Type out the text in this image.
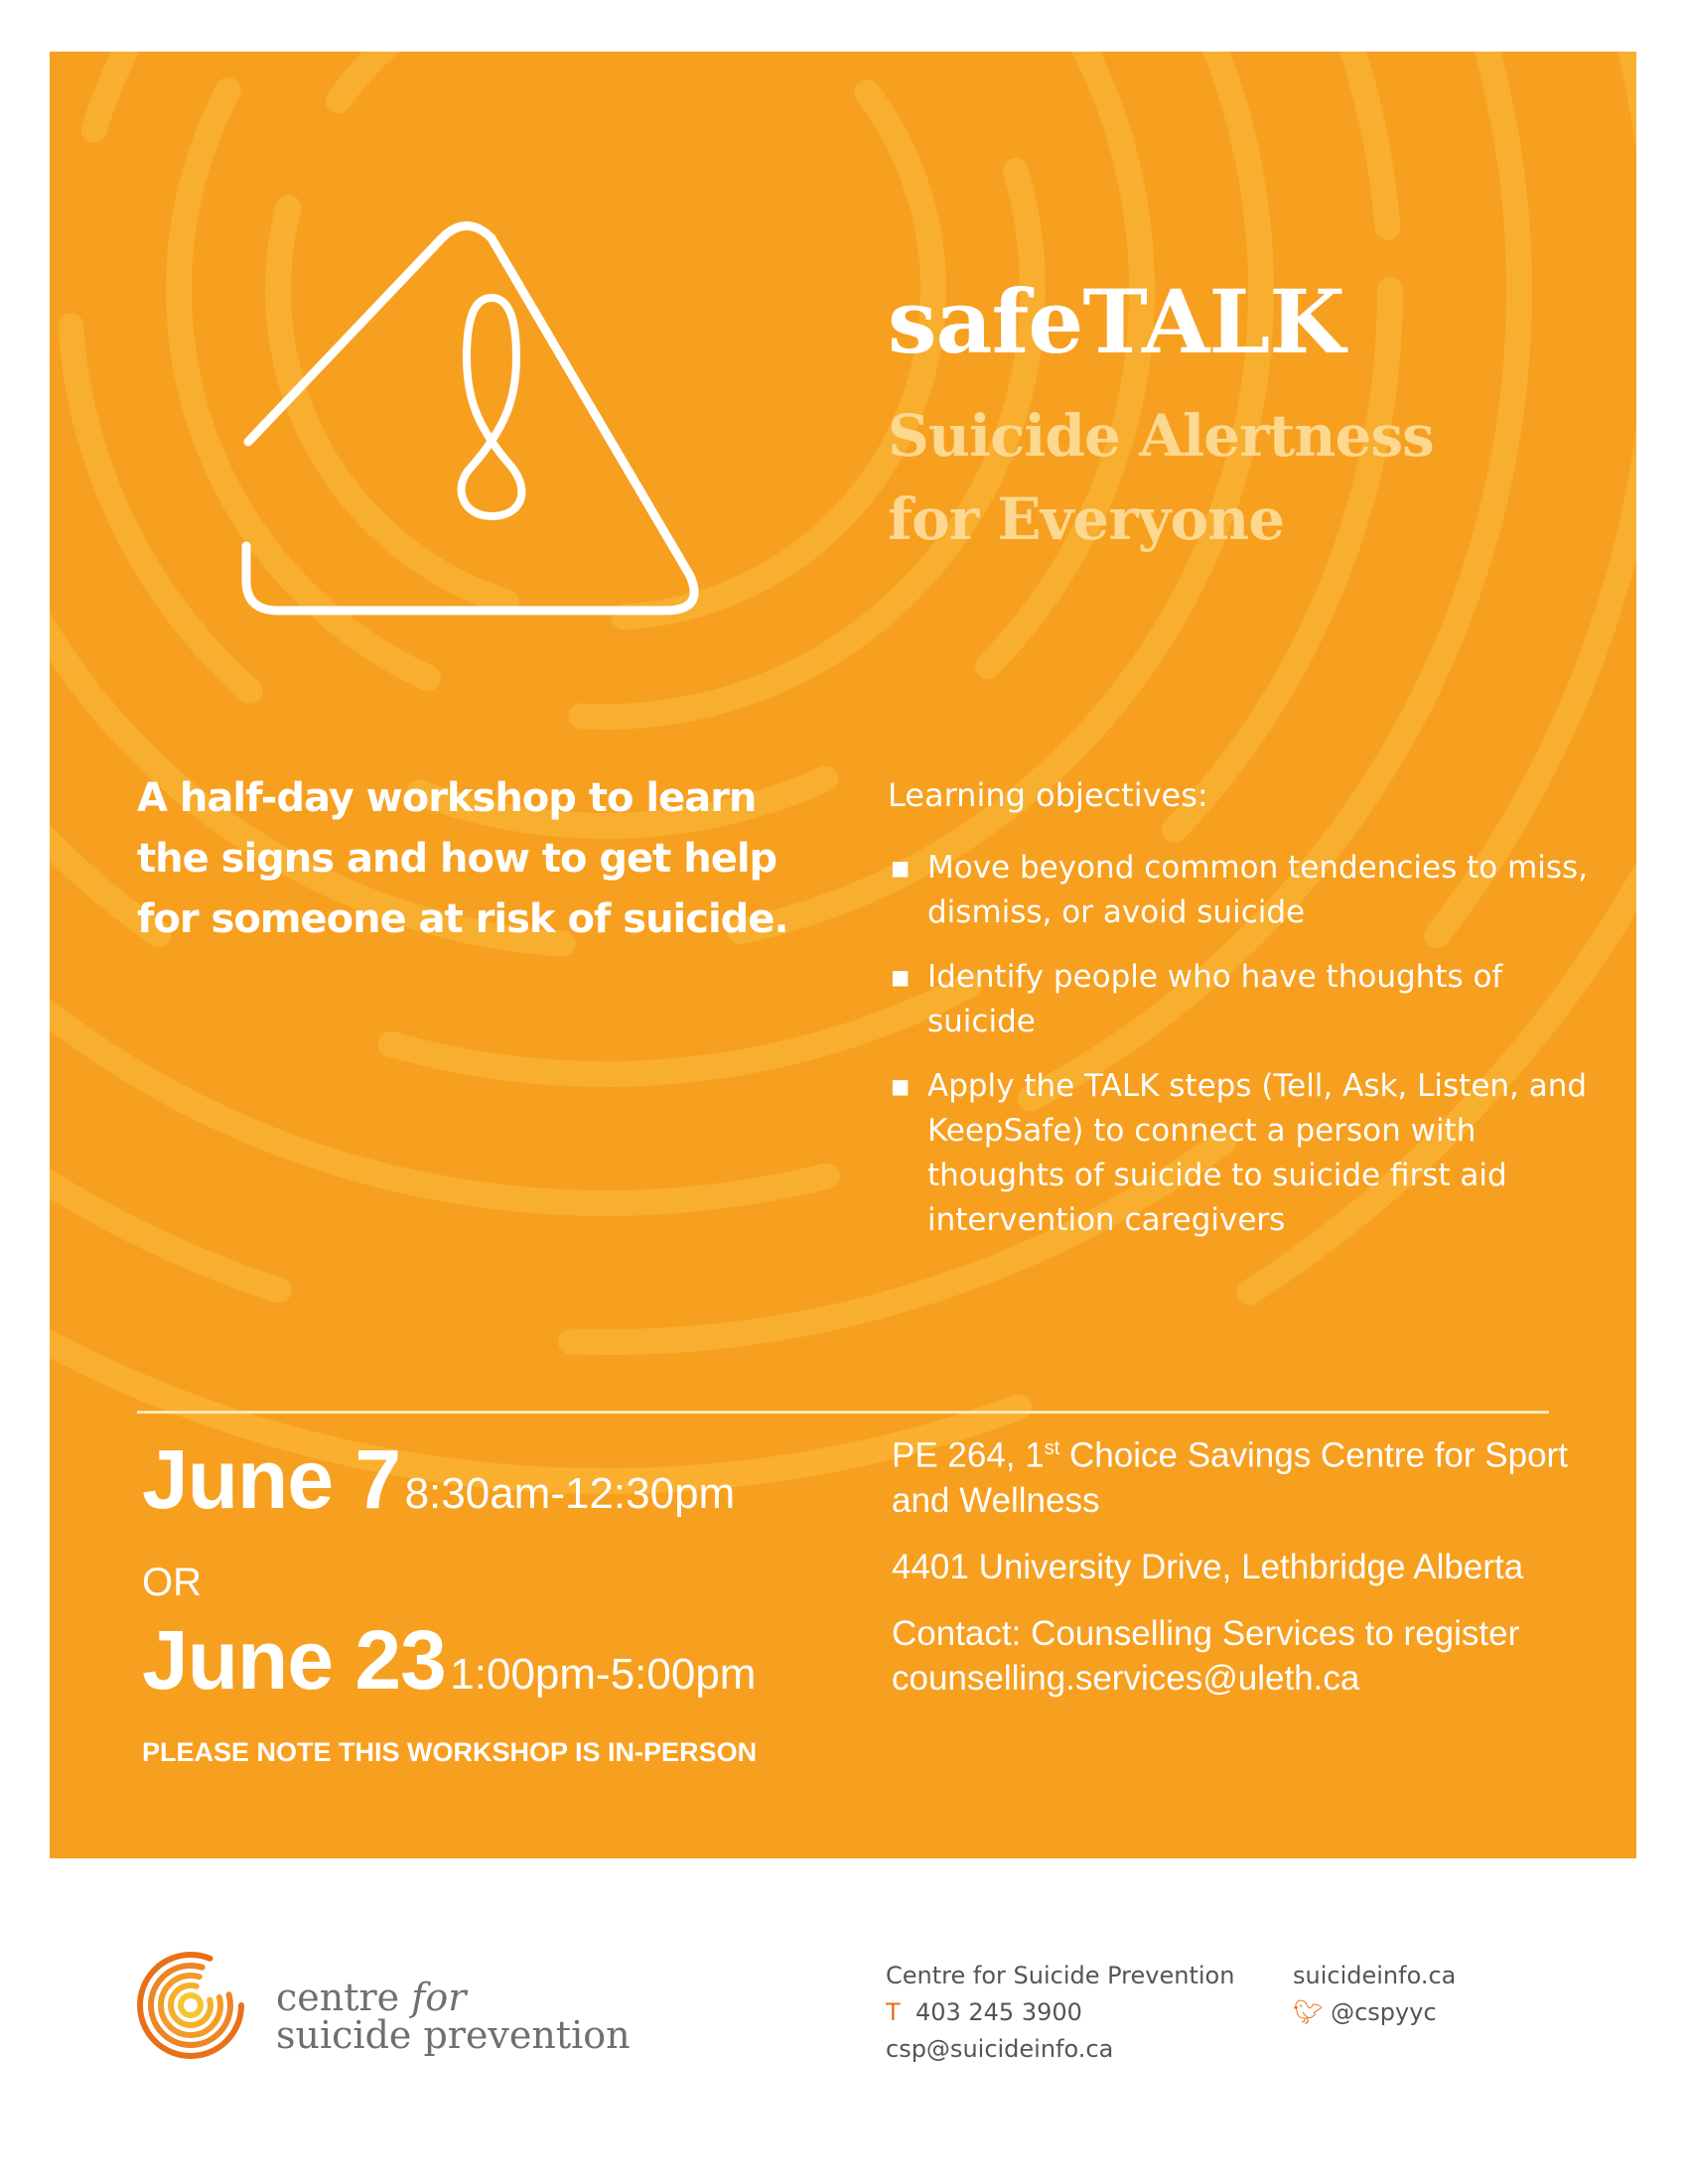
safeTALK
Suicide Alertness
for Everyone
A half-day workshop to learn the signs and how to get help for someone at risk of suicide.
Learning objectives:
▪ Move beyond common tendencies to miss, dismiss, or avoid suicide
▪ Identify people who have thoughts of suicide
▪ Apply the TALK steps (Tell, Ask, Listen, and KeepSafe) to connect a person with thoughts of suicide to suicide first aid intervention caregivers
June 7 8:30am-12:30pm
OR
June 23 1:00pm-5:00pm
PLEASE NOTE THIS WORKSHOP IS IN-PERSON

PE 264, 1st Choice Savings Centre for Sport and Wellness

4401 University Drive, Lethbridge Alberta

Contact: Counselling Services to register
counselling.services@uleth.ca

centre for
suicide prevention
Centre for Suicide Prevention
T 403 245 3900
csp@suicideinfo.ca
suicideinfo.ca
🐦︎ @cspyyc
